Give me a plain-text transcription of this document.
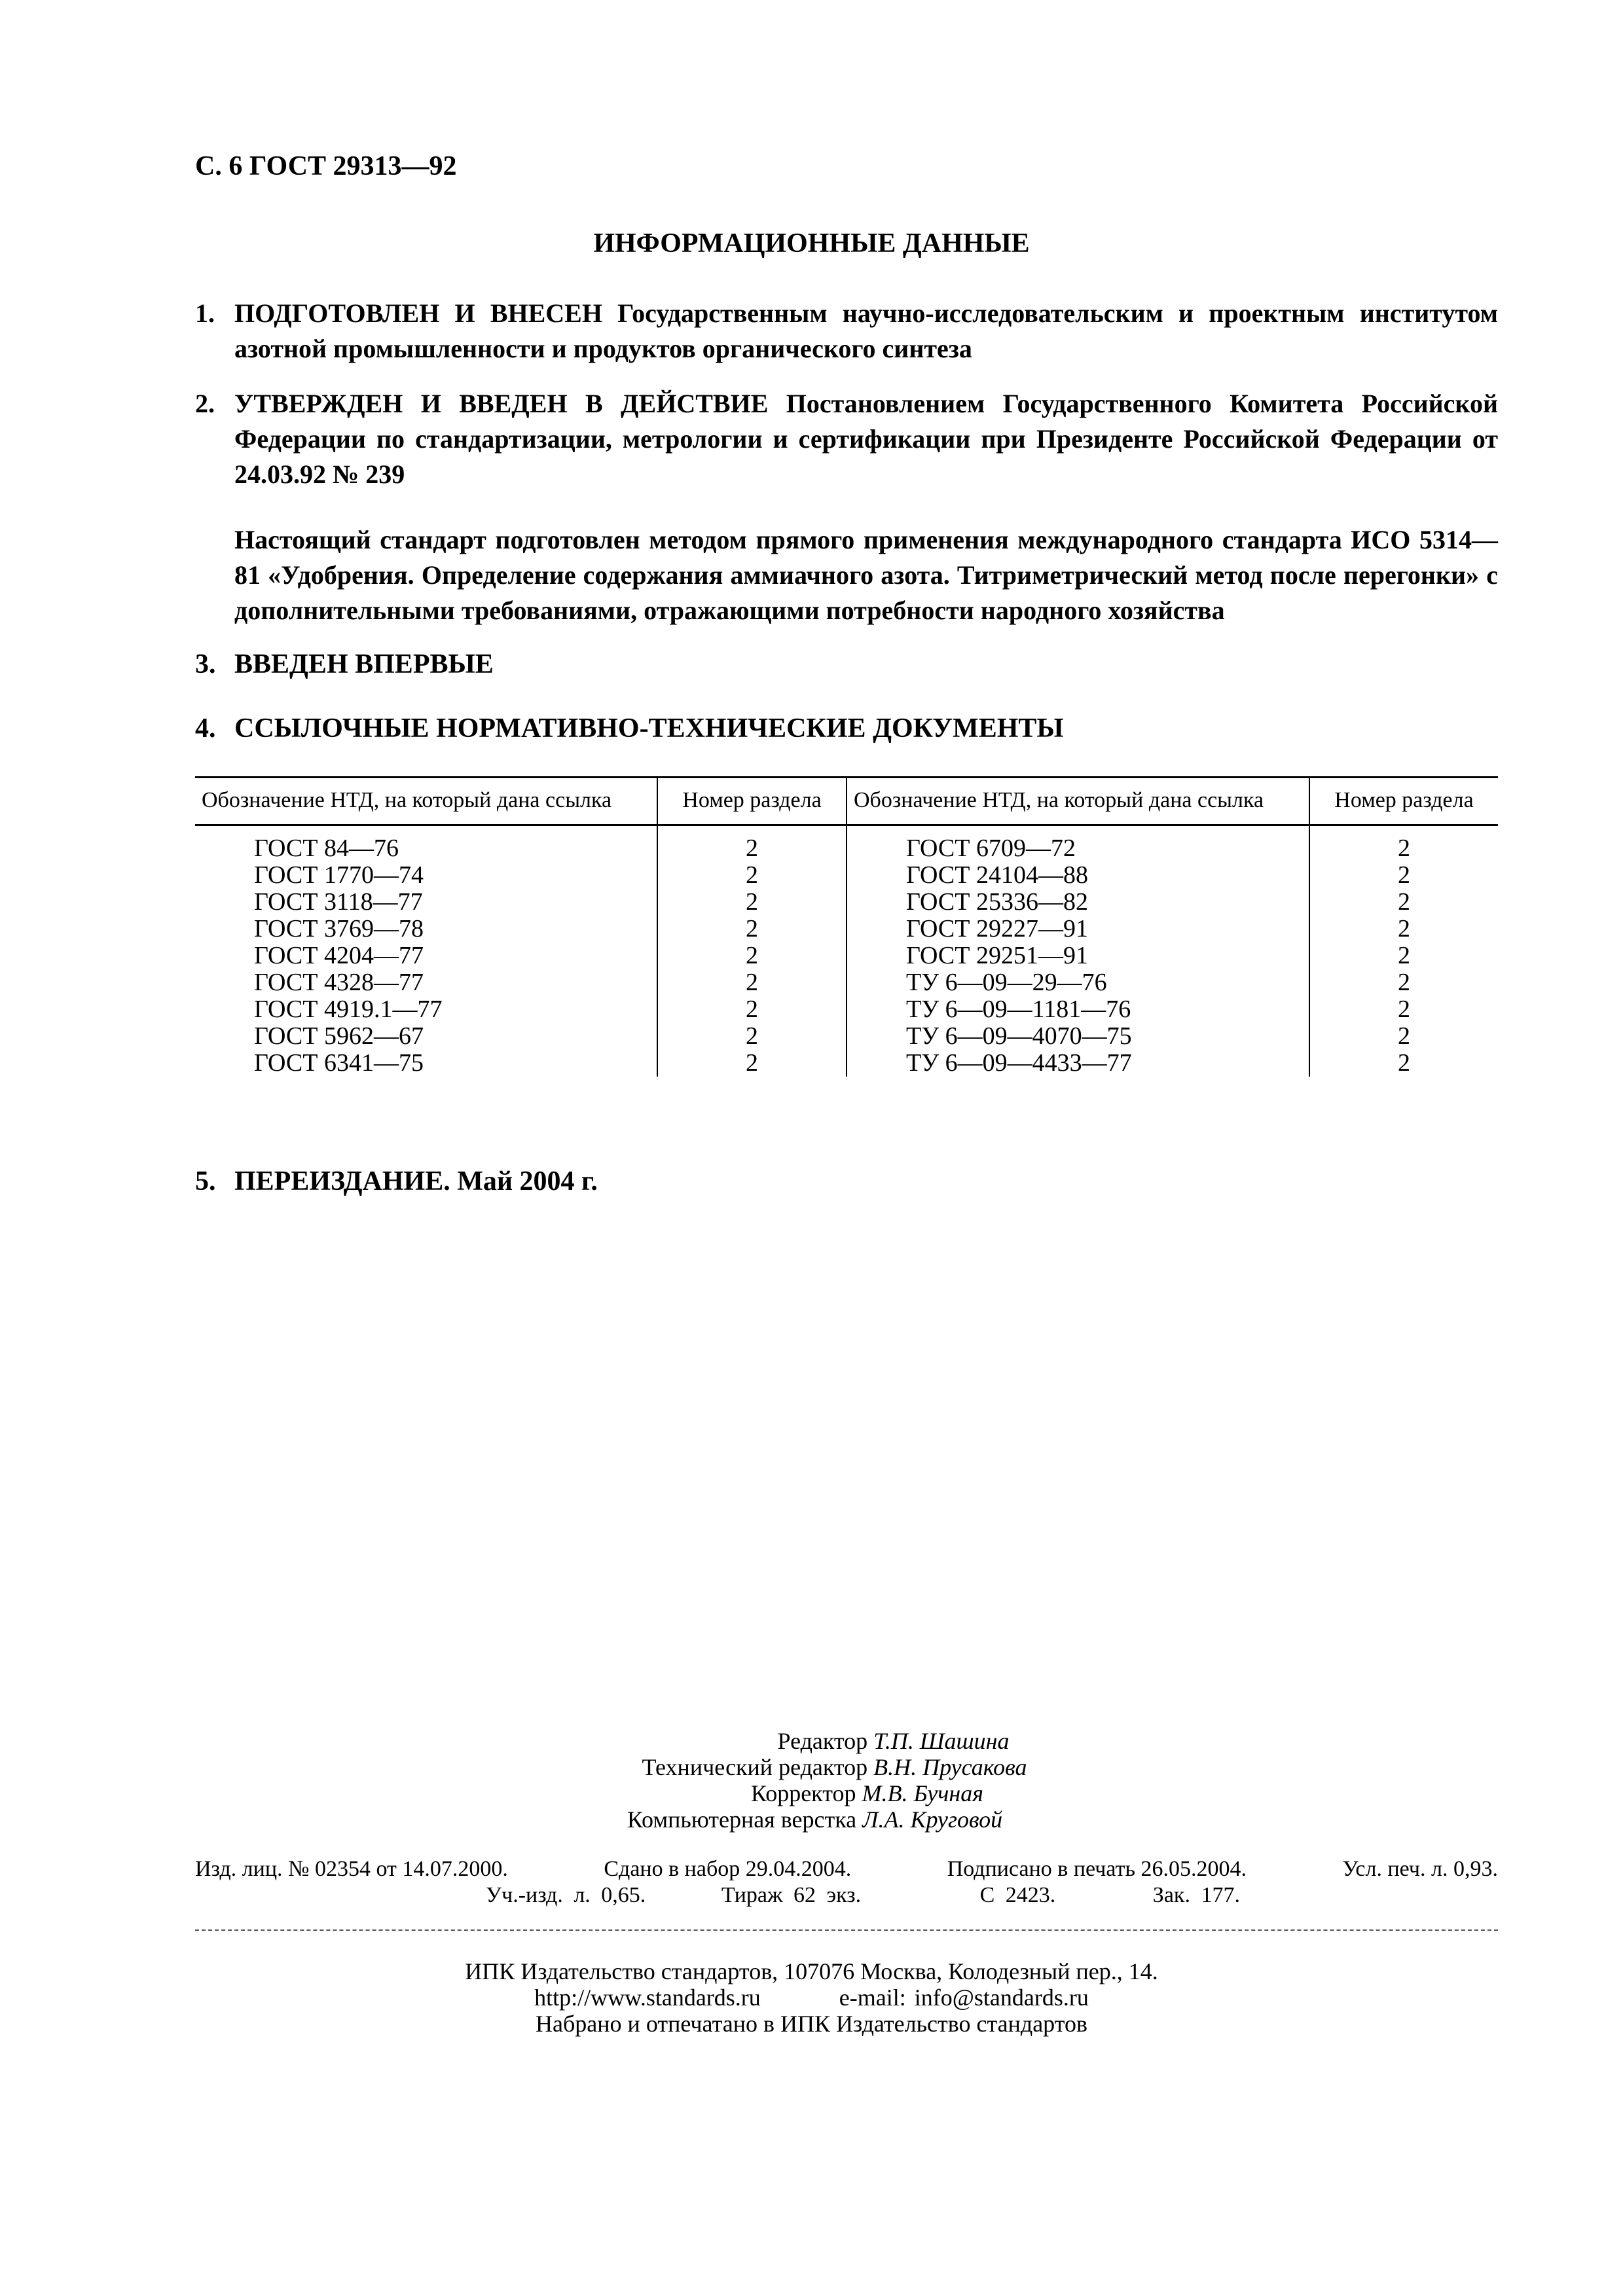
С. 6 ГОСТ 29313—92
ИНФОРМАЦИОННЫЕ ДАННЫЕ
1. ПОДГОТОВЛЕН И ВНЕСЕН Государственным научно-исследовательским и проектным институтом азотной промышленности и продуктов органического синтеза
2. УТВЕРЖДЕН И ВВЕДЕН В ДЕЙСТВИЕ Постановлением Государственного Комитета Российской Федерации по стандартизации, метрологии и сертификации при Президенте Российской Федерации от 24.03.92 № 239
Настоящий стандарт подготовлен методом прямого применения международного стандарта ИСО 5314—81 «Удобрения. Определение содержания аммиачного азота. Титриметрический метод после перегонки» с дополнительными требованиями, отражающими потребности народного хозяйства
3. ВВЕДЕН ВПЕРВЫЕ
4. ССЫЛОЧНЫЕ НОРМАТИВНО-ТЕХНИЧЕСКИЕ ДОКУМЕНТЫ
Обозначение НТД, на который дана ссылка	Номер раздела	Обозначение НТД, на который дана ссылка	Номер раздела
ГОСТ 84—76	2	ГОСТ 6709—72	2
ГОСТ 1770—74	2	ГОСТ 24104—88	2
ГОСТ 3118—77	2	ГОСТ 25336—82	2
ГОСТ 3769—78	2	ГОСТ 29227—91	2
ГОСТ 4204—77	2	ГОСТ 29251—91	2
ГОСТ 4328—77	2	ТУ 6—09—29—76	2
ГОСТ 4919.1—77	2	ТУ 6—09—1181—76	2
ГОСТ 5962—67	2	ТУ 6—09—4070—75	2
ГОСТ 6341—75	2	ТУ 6—09—4433—77	2
5. ПЕРЕИЗДАНИЕ. Май 2004 г.
Редактор Т.П. Шашина
Технический редактор В.Н. Прусакова
Корректор М.В. Бучная
Компьютерная верстка Л.А. Круговой
Изд. лиц. № 02354 от 14.07.2000.	Сдано в набор 29.04.2004.	Подписано в печать 26.05.2004.	Усл. печ. л. 0,93.
Уч.-изд. л. 0,65.	Тираж 62 экз.	С 2423.	Зак. 177.
ИПК Издательство стандартов, 107076 Москва, Колодезный пер., 14.
http://www.standards.ru	e-mail: info@standards.ru
Набрано и отпечатано в ИПК Издательство стандартов
